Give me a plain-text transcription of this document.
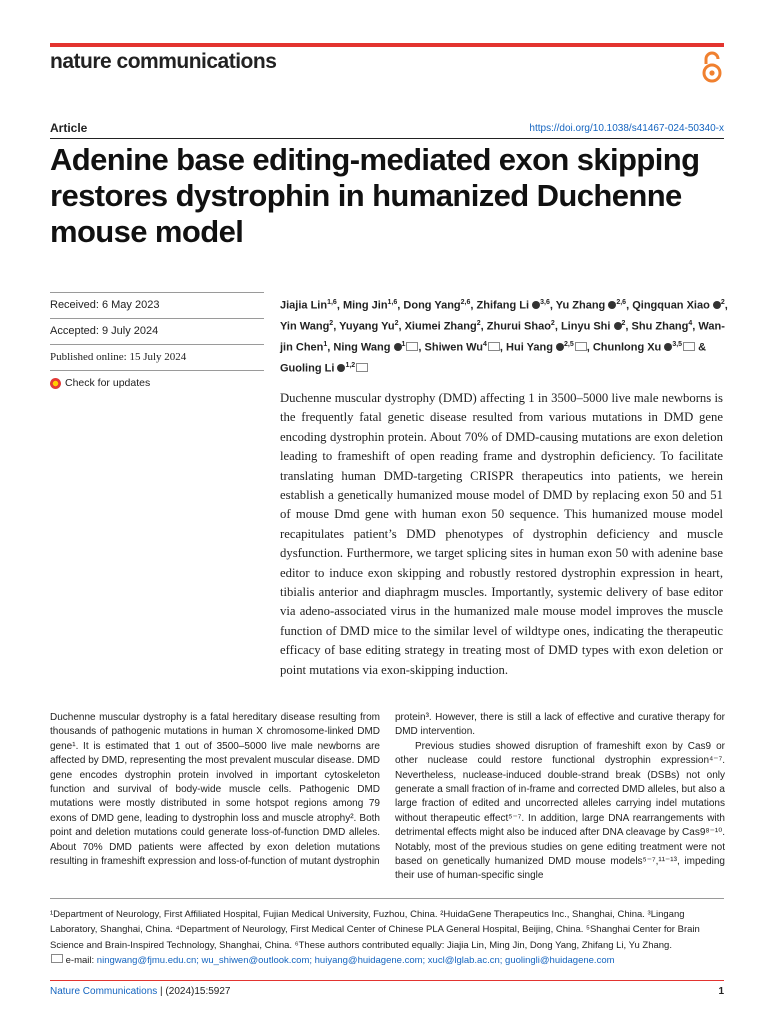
nature communications
Article	https://doi.org/10.1038/s41467-024-50340-x
Adenine base editing-mediated exon skipping restores dystrophin in humanized Duchenne mouse model
Received: 6 May 2023
Accepted: 9 July 2024
Published online: 15 July 2024
Check for updates

Jiajia Lin$^{1,6}$, Ming Jin$^{1,6}$, Dong Yang$^{2,6}$, Zhifang Li $^{3,6}$, Yu Zhang $^{2,6}$, Qingquan Xiao $^2$, Yin Wang$^2$, Yuyang Yu$^2$, Xiumei Zhang$^2$, Zhurui Shao$^2$, Linyu Shi $^2$, Shu Zhang$^4$, Wan-jin Chen$^1$, Ning Wang $^1$ , Shiwen Wu$^4$ , Hui Yang $^{2,5}$ , Chunlong Xu $^{3,5}$ & Guoling Li $^{1,2}$

Duchenne muscular dystrophy (DMD) affecting 1 in 3500–5000 live male newborns is the frequently fatal genetic disease resulted from various mutations in DMD gene encoding dystrophin protein. About 70% of DMD-causing mutations are exon deletion leading to frameshift of open reading frame and dystrophin deficiency. To facilitate translating human DMD-targeting CRISPR therapeutics into patients, we herein establish a genetically humanized mouse model of DMD by replacing exon 50 and 51 of mouse Dmd gene with human exon 50 sequence. This humanized mouse model recapitulates patient’s DMD phenotypes of dystrophin deficiency and muscle dysfunction. Furthermore, we target splicing sites in human exon 50 with adenine base editor to induce exon skipping and robustly restored dystrophin expression in heart, tibialis anterior and diaphragm muscles. Importantly, systemic delivery of base editor via adeno-associated virus in the humanized male mouse model improves the muscle function of DMD mice to the similar level of wildtype ones, indicating the therapeutic efficacy of base editing strategy in treating most of DMD types with exon deletion or point mutations via exon-skipping induction.

Duchenne muscular dystrophy is a fatal hereditary disease resulting from thousands of pathogenic mutations in human X chromosome-linked DMD gene¹. It is estimated that 1 out of 3500–5000 live male newborns are affected by DMD, representing the most prevalent muscular disease. DMD gene encodes dystrophin protein involved in important cytoskeleton function and survival of body-wide muscle cells. Pathogenic DMD mutations were mostly distributed in some hotspot regions among 79 exons of DMD gene, leading to dystrophin loss and muscle atrophy². Both point and deletion mutations could generate loss-of-function DMD alleles. About 70% DMD patients were affected by exon deletion mutations resulting in frameshift expression and loss-of-function of mutant dystrophin

protein³. However, there is still a lack of effective and curative therapy for DMD intervention.

Previous studies showed disruption of frameshift exon by Cas9 or other nuclease could restore functional dystrophin expression⁴⁻⁷. Nevertheless, nuclease-induced double-strand break (DSBs) not only generate a small fraction of in-frame and corrected DMD alleles, but also a large fraction of edited and uncorrected alleles carrying indel mutations without therapeutic effect⁵⁻⁷. In addition, large DNA rearrangements with detrimental effects might also be induced after DNA cleavage by Cas9⁸⁻¹⁰. Notably, most of the previous studies on gene editing treatment were not based on genetically humanized DMD mouse models⁵⁻⁷,¹¹⁻¹³, impeding their use of human-specific single

¹Department of Neurology, First Affiliated Hospital, Fujian Medical University, Fuzhou, China. ²HuidaGene Therapeutics Inc., Shanghai, China. ³Lingang Laboratory, Shanghai, China. ⁴Department of Neurology, First Medical Center of Chinese PLA General Hospital, Beijing, China. ⁵Shanghai Center for Brain Science and Brain-Inspired Technology, Shanghai, China. ⁶These authors contributed equally: Jiajia Lin, Ming Jin, Dong Yang, Zhifang Li, Yu Zhang.
e-mail: ningwang@fjmu.edu.cn; wu_shiwen@outlook.com; huiyang@huidagene.com; xucl@lglab.ac.cn; guolingli@huidagene.com
Nature Communications | (2024)15:5927	1
